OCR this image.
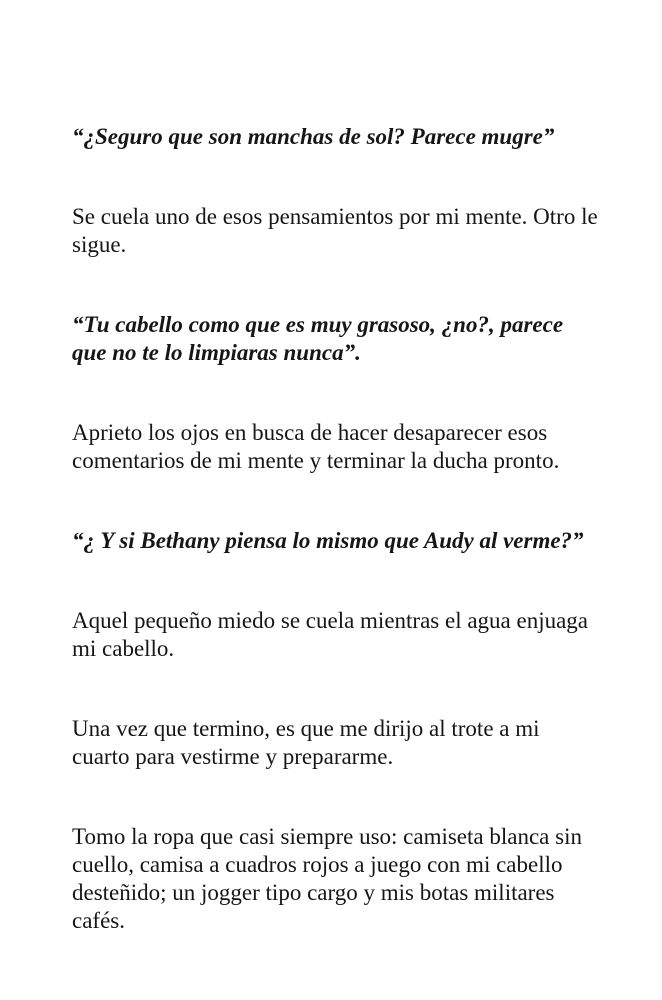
“¿Seguro que son manchas de sol? Parece mugre”

Se cuela uno de esos pensamientos por mi mente. Otro le sigue.

“Tu cabello como que es muy grasoso, ¿no?, parece que no te lo limpiaras nunca”.

Aprieto los ojos en busca de hacer desaparecer esos comentarios de mi mente y terminar la ducha pronto.

“¿ Y si Bethany piensa lo mismo que Audy al verme?”

Aquel pequeño miedo se cuela mientras el agua enjuaga mi cabello.

Una vez que termino, es que me dirijo al trote a mi cuarto para vestirme y prepararme.

Tomo la ropa que casi siempre uso: camiseta blanca sin cuello, camisa a cuadros rojos a juego con mi cabello desteñido; un jogger tipo cargo y mis botas militares cafés.
